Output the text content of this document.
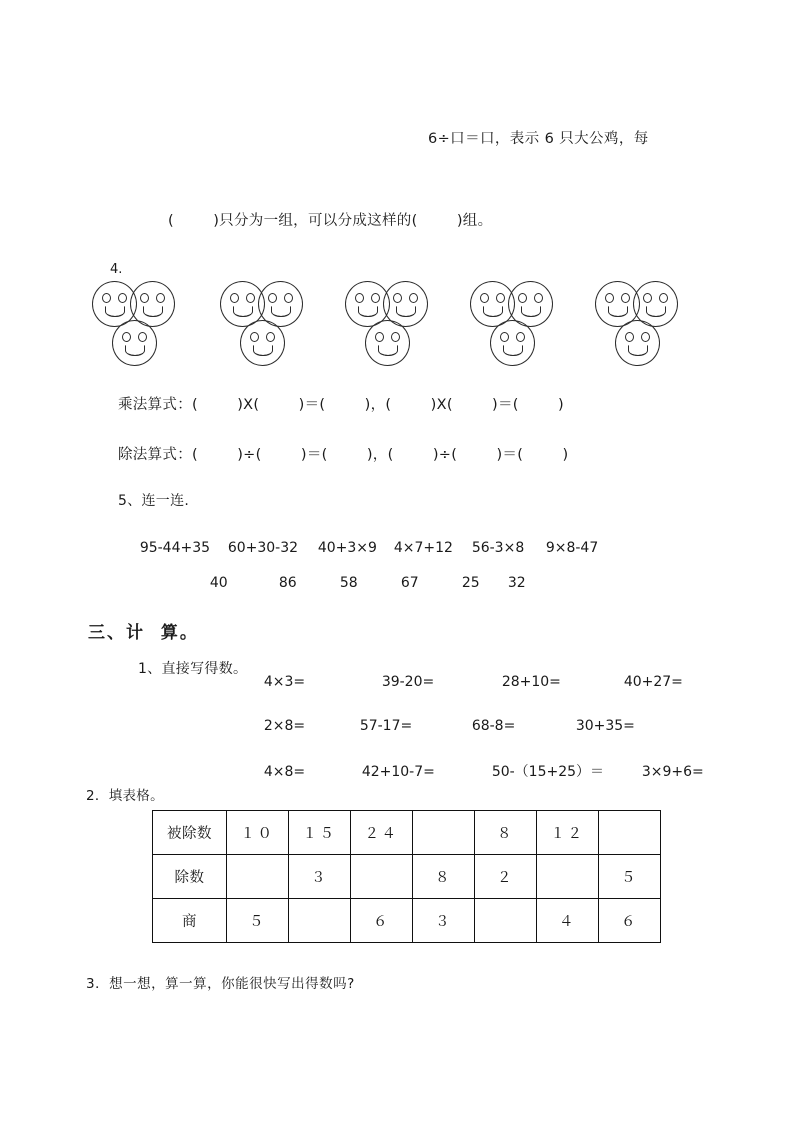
6÷口＝口，表示 6 只大公鸡，每
(        )只分为一组，可以分成这样的(        )组。
4.
乘法算式：(        )X(        )＝(        )，(        )X(        )＝(        )
除法算式：(        )÷(        )＝(        )，(        )÷(        )＝(        )
5、连一连.

95-44+35 60+30-32 40+3×9 4×7+12 56-3×8 9×8-47

40	86	58	67	25 32

三、计  算。
1、直接写得数。

4×3=	39-20=	28+10=	40+27=

2×8=	57-17=	68-8=	30+35=

4×8=	42+10-7=	50-（15+25）＝	3×9+6=

2．填表格。
被除数	１０	１５	２４		８	１２	
除数		３		８	２		５
商	５		６	３		４	６
3．想一想，算一算，你能很快写出得数吗?
